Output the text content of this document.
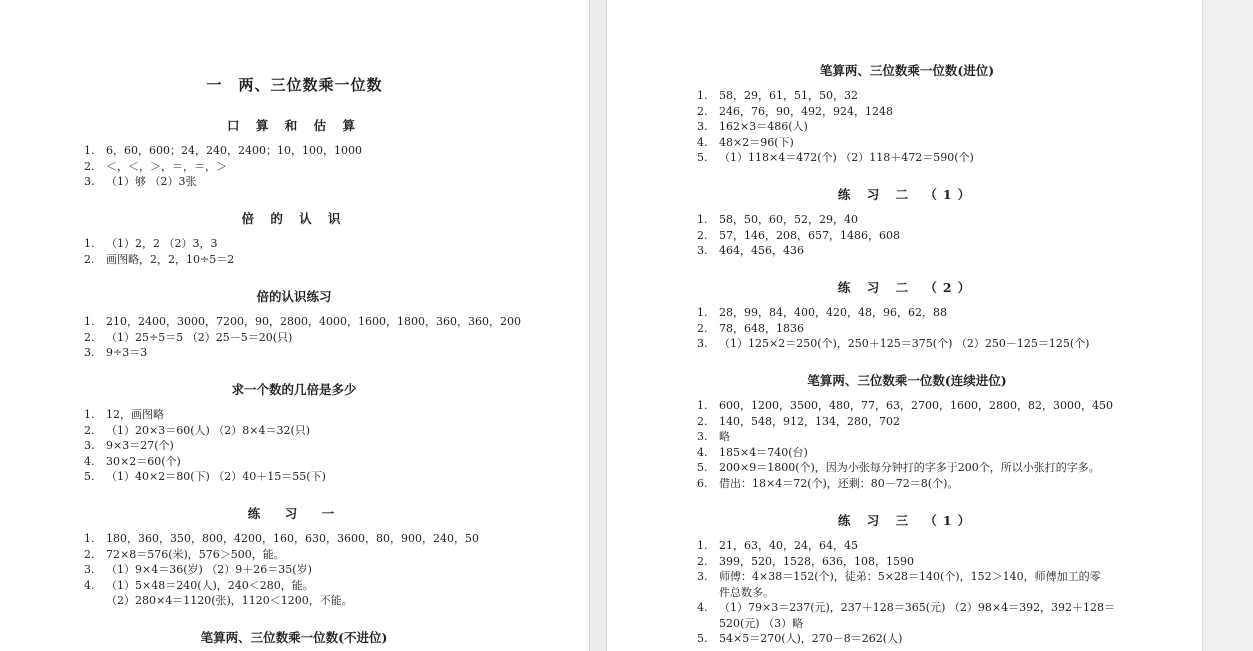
一　两、三位数乘一位数
口 算 和 估 算
1.	6，60，600；24，240，2400；10，100，1000
2.	＜，＜，＞，＝，＝，＞
3.	（1）够 （2）3张
倍 的 认 识
1.	（1）2，2 （2）3，3
2.	画图略，2，2，10÷5＝2
倍的认识练习
1.	210，2400，3000，7200，90，2800，4000，1600，1800，360，360，200
2.	（1）25÷5＝5 （2）25－5＝20(只)
3.	9÷3＝3
求一个数的几倍是多少
1.	12，画图略
2.	（1）20×3＝60(人) （2）8×4＝32(只)
3.	9×3＝27(个)
4.	30×2＝60(个)
5.	（1）40×2＝80(下) （2）40＋15＝55(下)
练　习　一
1.	180，360，350，800，4200，160，630，3600，80，900，240，50
2.	72×8＝576(米)，576＞500，能。
3.	（1）9×4＝36(岁) （2）9＋26＝35(岁)
4.	（1）5×48＝240(人)，240＜280，能。
（2）280×4＝1120(张)，1120＜1200，不能。
笔算两、三位数乘一位数(不进位)
笔算两、三位数乘一位数(进位)
1.	58，29，61，51，50，32
2.	246，76，90，492，924，1248
3.	162×3＝486(人)
4.	48×2＝96(下)
5.	（1）118×4＝472(个) （2）118＋472＝590(个)
练 习 二 （1）
1.	58，50，60，52，29，40
2.	57，146，208，657，1486，608
3.	464，456，436
练 习 二 （2）
1.	28，99，84，400，420，48，96，62，88
2.	78，648，1836
3.	（1）125×2＝250(个)，250＋125＝375(个) （2）250－125＝125(个)
笔算两、三位数乘一位数(连续进位)
1.	600，1200，3500，480，77，63，2700，1600，2800，82，3000，450
2.	140，548，912，134，280，702
3.	略
4.	185×4＝740(台)
5.	200×9＝1800(个)，因为小张每分钟打的字多于200个，所以小张打的字多。
6.	借出：18×4＝72(个)，还剩：80－72＝8(个)。
练 习 三 （1）
1.	21，63，40，24，64，45
2.	399，520，1528，636，108，1590
3.	师傅：4×38＝152(个)，徒弟：5×28＝140(个)，152＞140，师傅加工的零
件总数多。
4.	（1）79×3＝237(元)，237＋128＝365(元) （2）98×4＝392，392＋128＝
520(元) （3）略
5.	54×5＝270(人)，270－8＝262(人)
